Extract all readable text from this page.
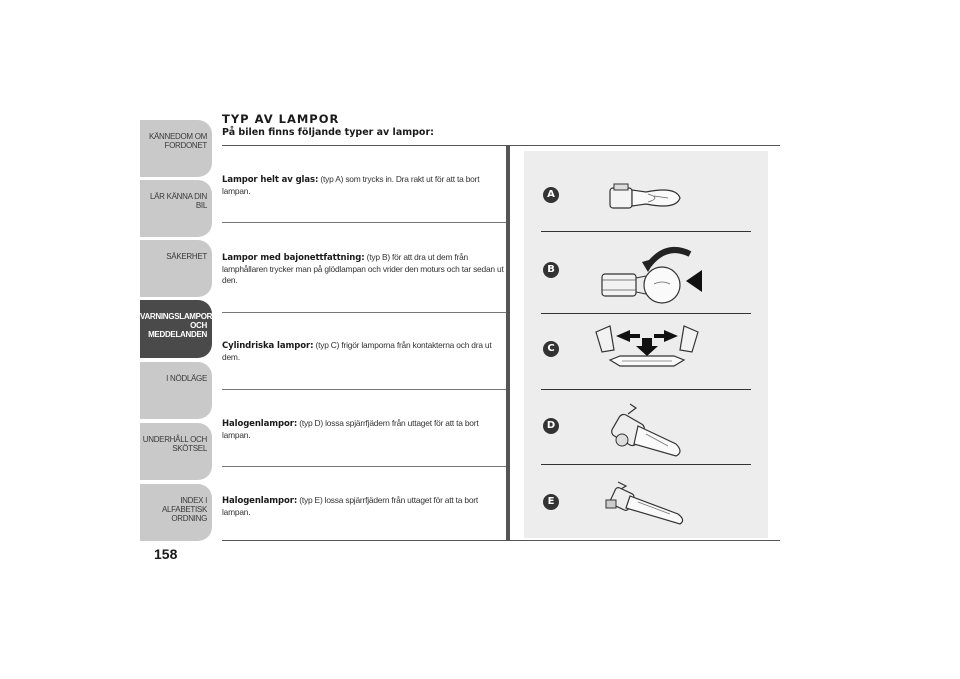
KÄNNEDOM OM FORDONET
LÄR KÄNNA DIN BIL
SÄKERHET
VARNINGSLAMPOR OCH MEDDELANDEN
I NÖDLÄGE
UNDERHÅLL OCH SKÖTSEL
INDEX I ALFABETISK ORDNING
158
TYP AV LAMPOR
På bilen finns följande typer av lampor:
Lampor helt av glas: (typ A) som trycks in. Dra rakt ut för att ta bort lampan.
Lampor med bajonettfattning: (typ B) för att dra ut dem från lamphållaren trycker man på glödlampan och vrider den moturs och tar sedan ut den.
Cylindriska lampor: (typ C) frigör lamporna från kontakterna och dra ut dem.
Halogenlampor: (typ D) lossa spjärrfjädern från uttaget för att ta bort lampan.
Halogenlampor: (typ E) lossa spjärrfjädern från uttaget för att ta bort lampan.
A
B
C
D
E
